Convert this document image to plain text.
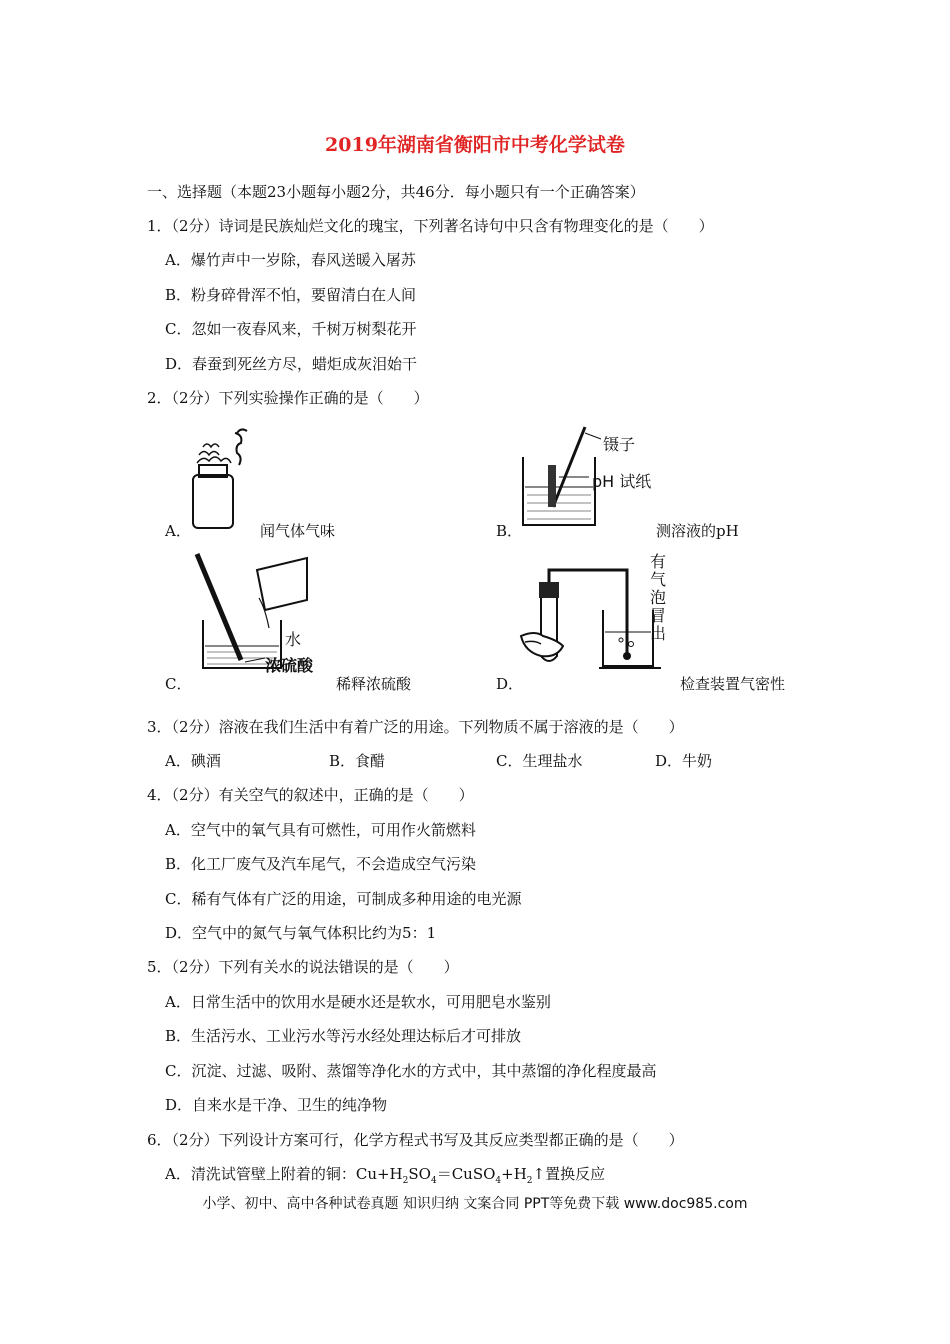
2019年湖南省衡阳市中考化学试卷
一、选择题（本题23小题每小题2分，共46分．每小题只有一个正确答案）
1．（2分）诗词是民族灿烂文化的瑰宝，下列著名诗句中只含有物理变化的是（　　）
A．爆竹声中一岁除，春风送暖入屠苏
B．粉身碎骨浑不怕，要留清白在人间
C．忽如一夜春风来，千树万树梨花开
D．春蚕到死丝方尽，蜡炬成灰泪始干
2．（2分）下列实验操作正确的是（　　）
A．	闻气体气味
镊子
pH 试纸
B．	测溶液的pH
水
浓硫酸
C．	稀释浓硫酸
有
气
泡
冒
出
D．	检查装置气密性
3．（2分）溶液在我们生活中有着广泛的用途。下列物质不属于溶液的是（　　）
A．碘酒	B．食醋	C．生理盐水	D．牛奶
4．（2分）有关空气的叙述中，正确的是（　　）
A．空气中的氧气具有可燃性，可用作火箭燃料
B．化工厂废气及汽车尾气，不会造成空气污染
C．稀有气体有广泛的用途，可制成多种用途的电光源
D．空气中的氮气与氧气体积比约为5：1
5．（2分）下列有关水的说法错误的是（　　）
A．日常生活中的饮用水是硬水还是软水，可用肥皂水鉴别
B．生活污水、工业污水等污水经处理达标后才可排放
C．沉淀、过滤、吸附、蒸馏等净化水的方式中，其中蒸馏的净化程度最高
D．自来水是干净、卫生的纯净物
6．（2分）下列设计方案可行，化学方程式书写及其反应类型都正确的是（　　）
A．清洗试管壁上附着的铜：$Cu+H_2SO_4=CuSO_4+H_2↑$置换反应
小学、初中、高中各种试卷真题 知识归纳 文案合同 PPT等免费下载 www.doc985.com
